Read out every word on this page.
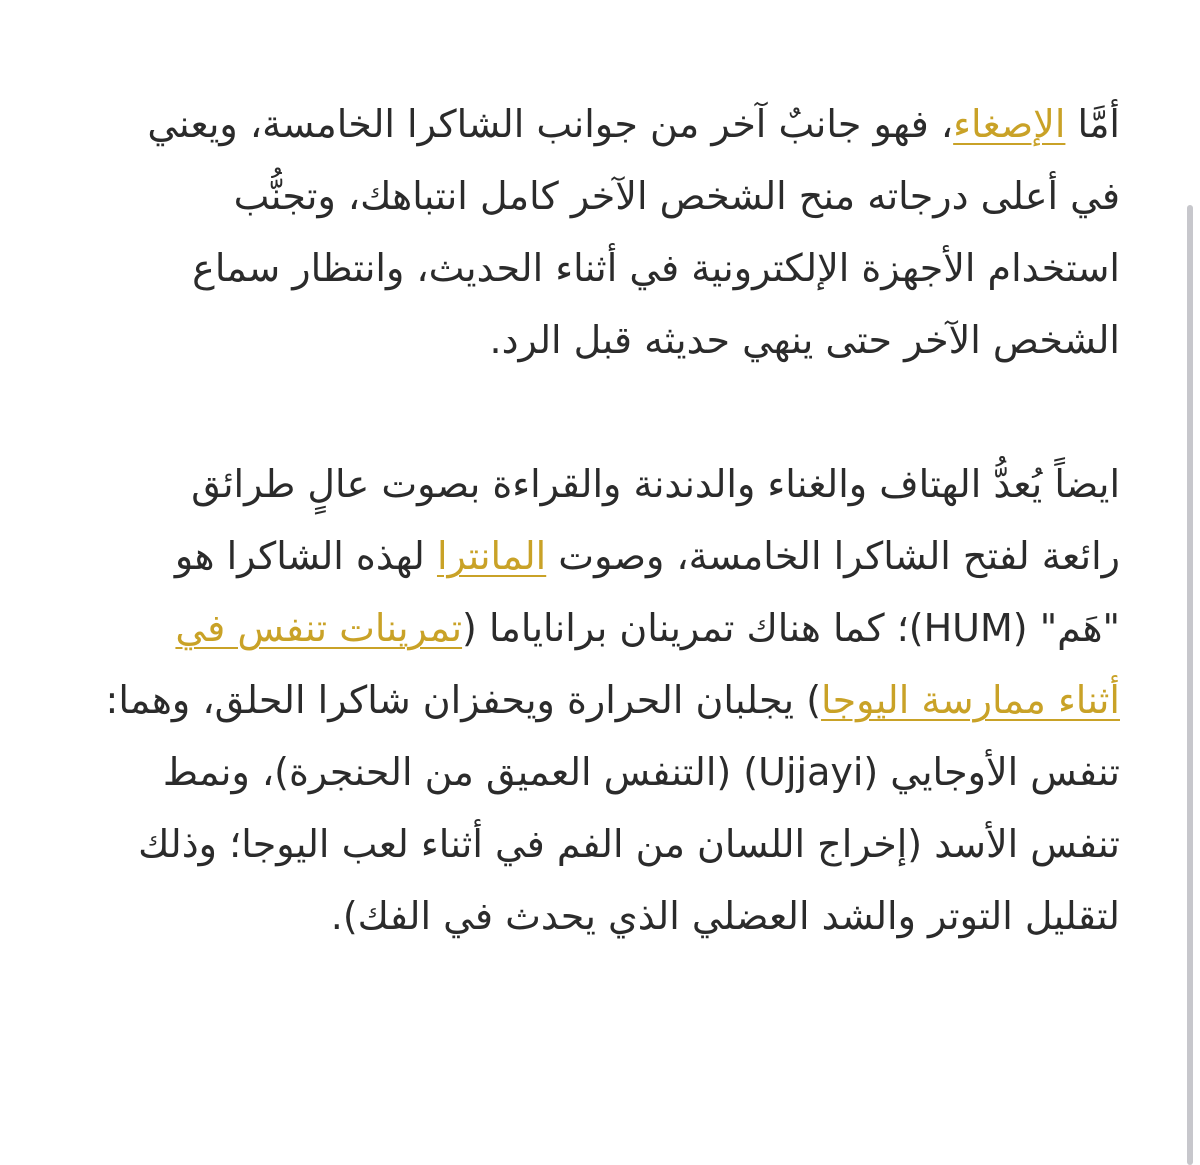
أمَّا الإصغاء، فهو جانبٌ آخر من جوانب الشاكرا الخامسة، ويعني في أعلى درجاته منح الشخص الآخر كامل انتباهك، وتجنُّب استخدام الأجهزة الإلكترونية في أثناء الحديث، وانتظار سماع الشخص الآخر حتى ينهي حديثه قبل الرد.

ايضاً يُعدُّ الهتاف والغناء والدندنة والقراءة بصوت عالٍ طرائق رائعة لفتح الشاكرا الخامسة، وصوت المانترا لهذه الشاكرا هو "هَم" (HUM)؛ كما هناك تمرينان براناياما (تمرينات تنفس في أثناء ممارسة اليوجا) يجلبان الحرارة ويحفزان شاكرا الحلق، وهما: تنفس الأوجايي (Ujjayi) (التنفس العميق من الحنجرة)، ونمط تنفس الأسد (إخراج اللسان من الفم في أثناء لعب اليوجا؛ وذلك لتقليل التوتر والشد العضلي الذي يحدث في الفك).
